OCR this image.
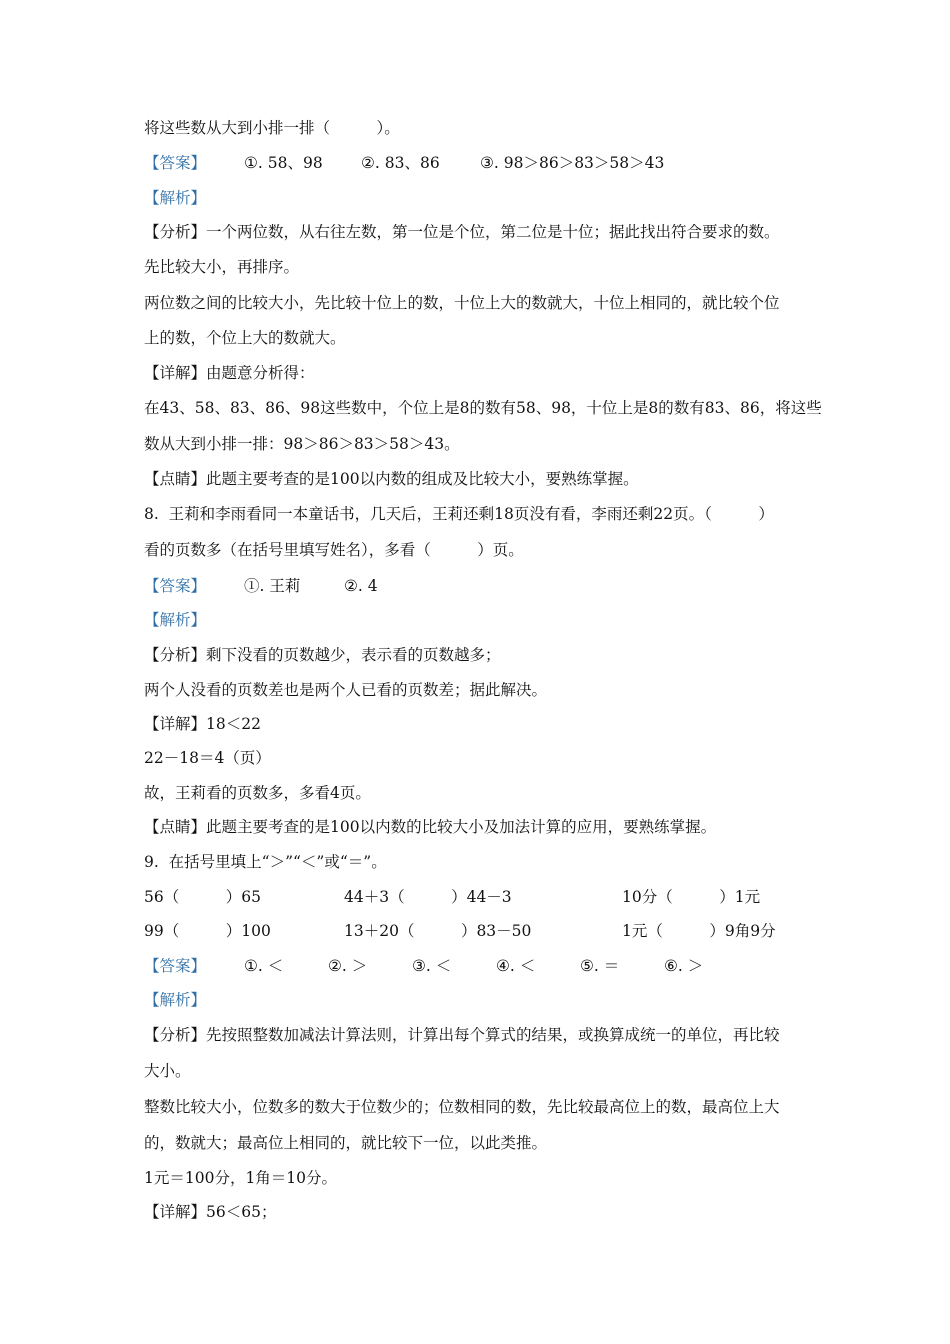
将这些数从大到小排一排（　　　）。
【答案】 ①. 58、98 ②. 83、86	③. 98＞86＞83＞58＞43
【解析】
【分析】一个两位数，从右往左数，第一位是个位，第二位是十位；据此找出符合要求的数。
先比较大小，再排序。
两位数之间的比较大小，先比较十位上的数，十位上大的数就大，十位上相同的，就比较个位
上的数，个位上大的数就大。
【详解】由题意分析得：
在43、58、83、86、98这些数中，个位上是8的数有58、98，十位上是8的数有83、86，将这些
数从大到小排一排：98＞86＞83＞58＞43。
【点睛】此题主要考查的是100以内数的组成及比较大小，要熟练掌握。
8.  王莉和李雨看同一本童话书，几天后，王莉还剩18页没有看，李雨还剩22页。（　　　）
看的页数多（在括号里填写姓名），多看（　　　）页。
【答案】 ①. 王莉	②. 4
【解析】
【分析】剩下没看的页数越少，表示看的页数越多；
两个人没看的页数差也是两个人已看的页数差；据此解决。
【详解】18＜22
22－18＝4（页）
故，王莉看的页数多，多看4页。
【点睛】此题主要考查的是100以内数的比较大小及加法计算的应用，要熟练掌握。
9.  在括号里填上“＞”“＜”或“＝”。
56（　　　）65	44＋3（　　　）44－3	10分（　　　）1元
99（　　　）100	13＋20（　　　）83－50	1元（　　　）9角9分
【答案】 ①. ＜	②. ＞	③. ＜	④. ＜	⑤. ＝	⑥. ＞
【解析】
【分析】先按照整数加减法计算法则，计算出每个算式的结果，或换算成统一的单位，再比较
大小。
整数比较大小，位数多的数大于位数少的；位数相同的数，先比较最高位上的数，最高位上大
的，数就大；最高位上相同的，就比较下一位，以此类推。
1元＝100分，1角＝10分。
【详解】56＜65；
